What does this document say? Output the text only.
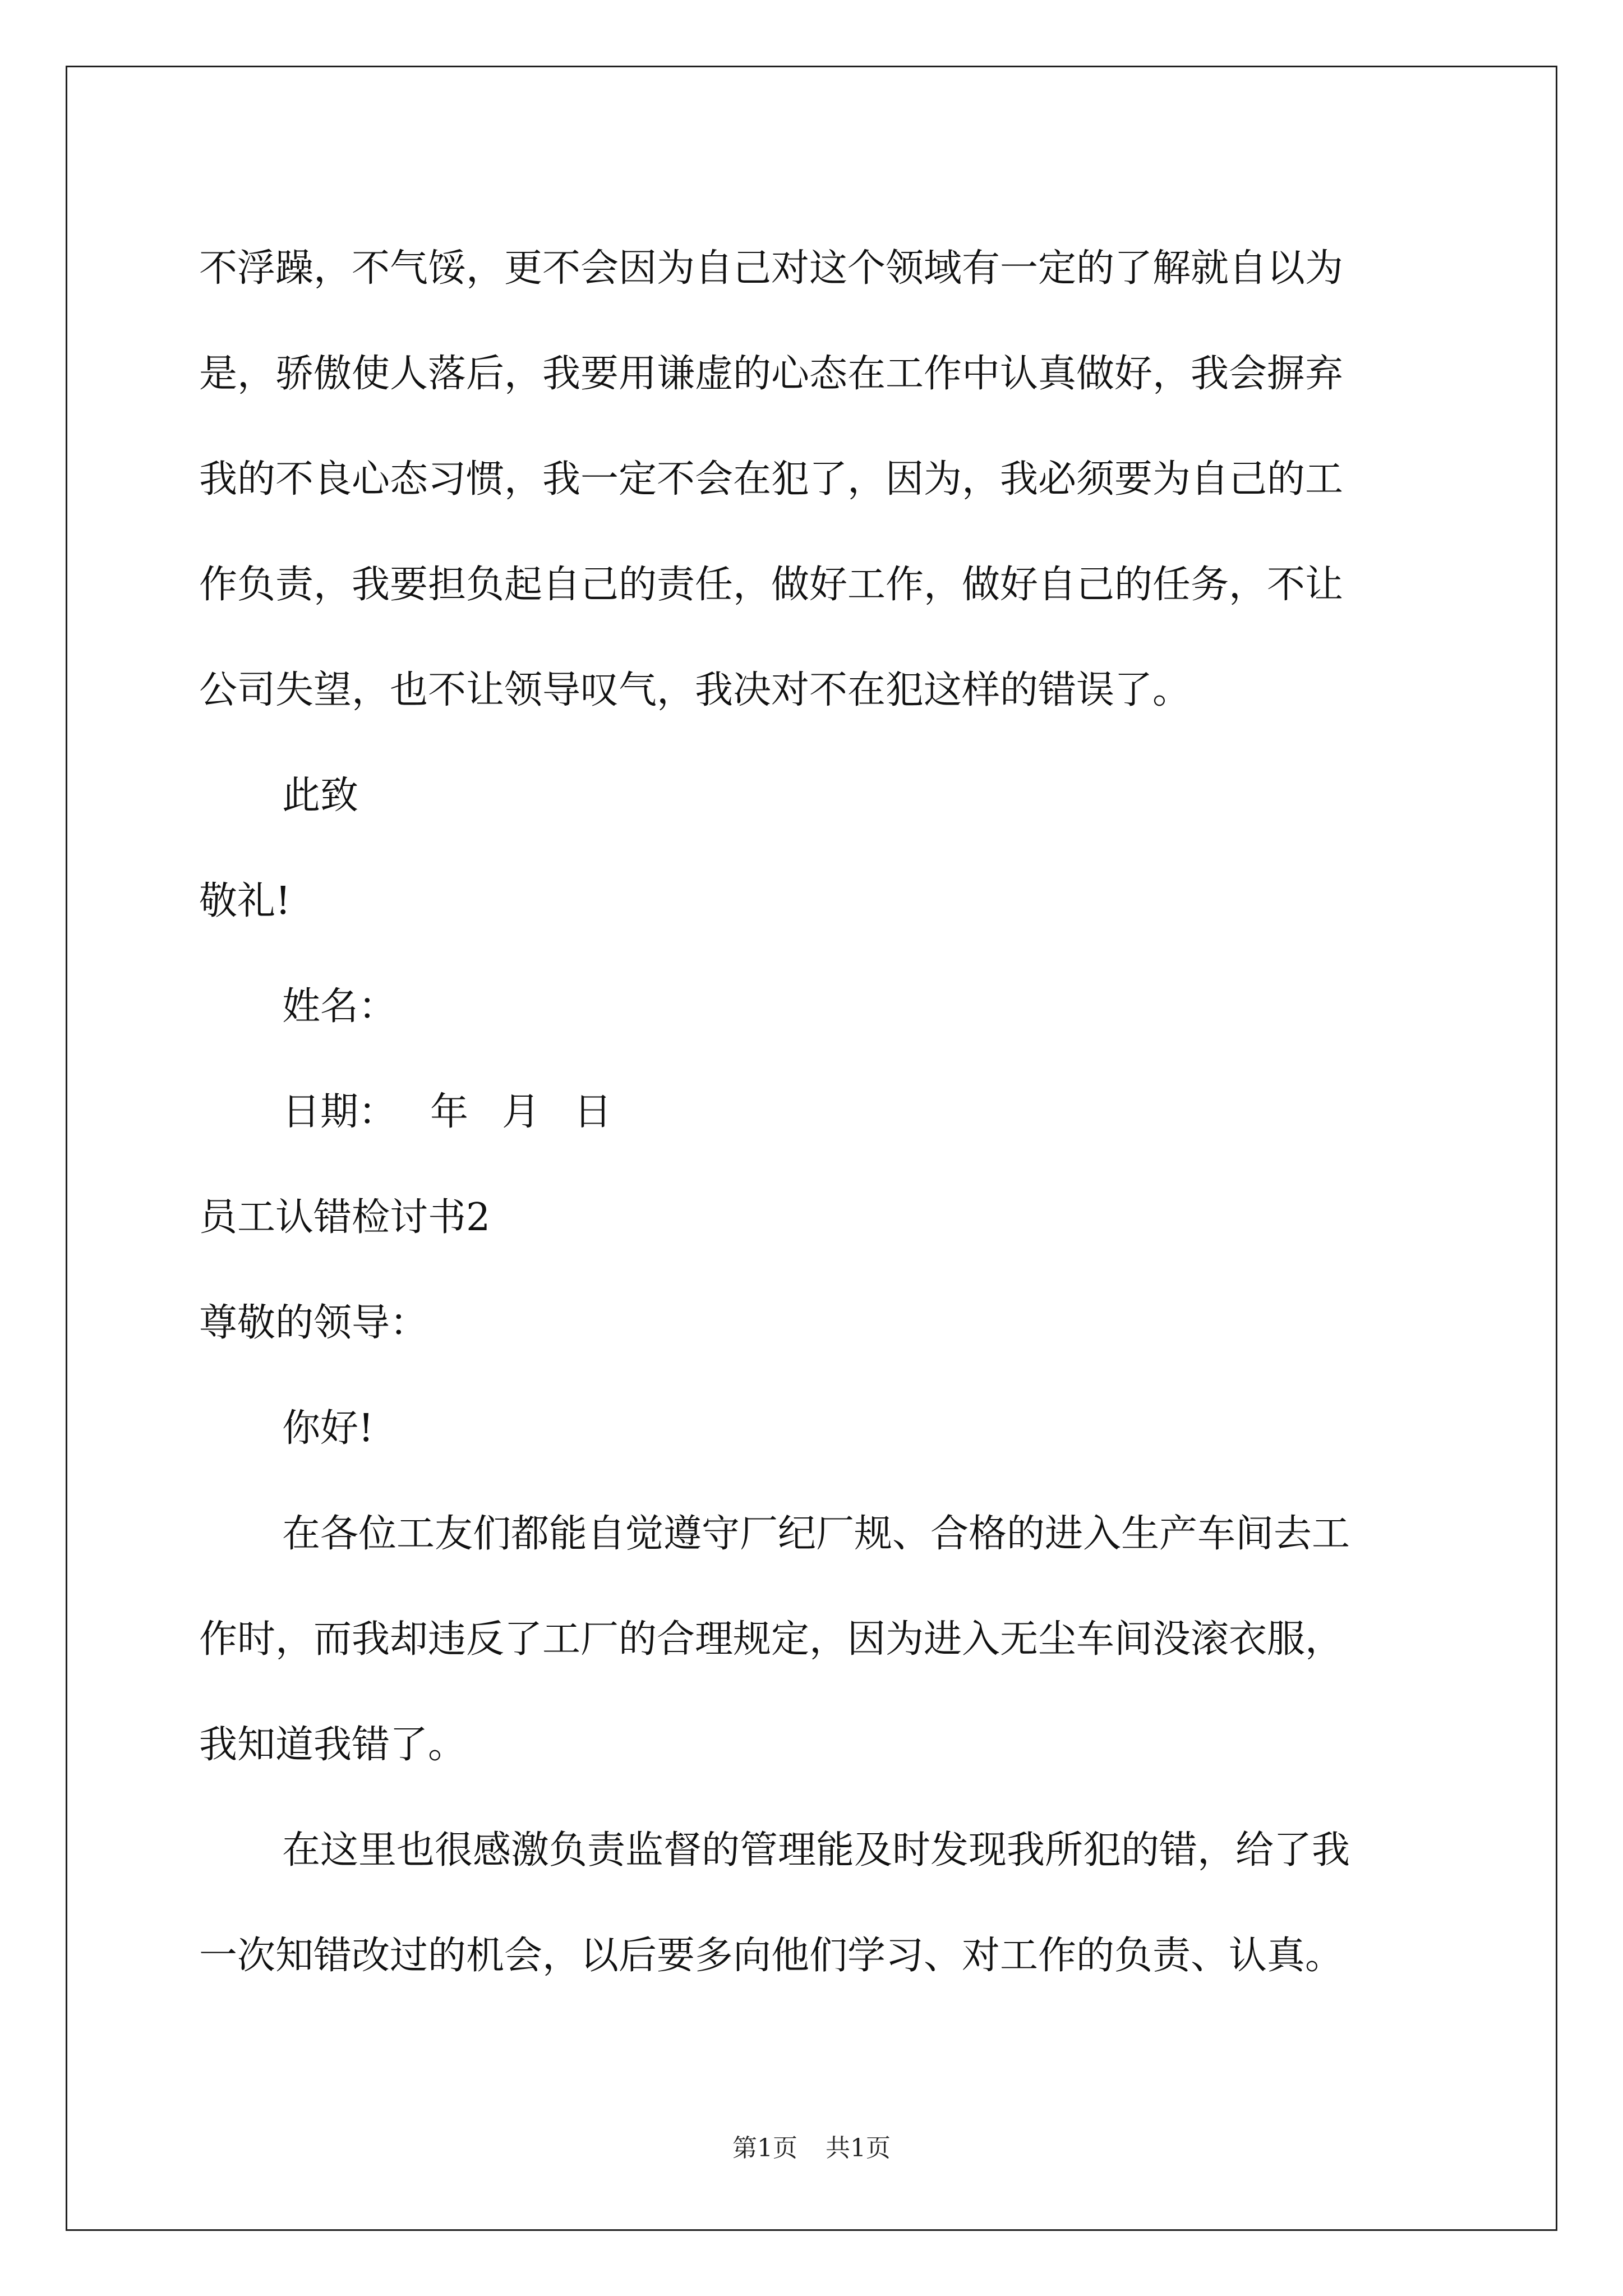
不浮躁，不气馁，更不会因为自己对这个领域有一定的了解就自以为
是，骄傲使人落后，我要用谦虚的心态在工作中认真做好，我会摒弃
我的不良心态习惯，我一定不会在犯了，因为，我必须要为自己的工
作负责，我要担负起自己的责任，做好工作，做好自己的任务，不让
公司失望，也不让领导叹气，我决对不在犯这样的错误了。
此致
敬礼!
姓名：
日期： 年 月 日
员工认错检讨书2
尊敬的领导：
你好!
在各位工友们都能自觉遵守厂纪厂规、合格的进入生产车间去工
作时，而我却违反了工厂的合理规定，因为进入无尘车间没滚衣服，
我知道我错了。
在这里也很感激负责监督的管理能及时发现我所犯的错，给了我
一次知错改过的机会，以后要多向他们学习、对工作的负责、认真。
第1页 共1页
